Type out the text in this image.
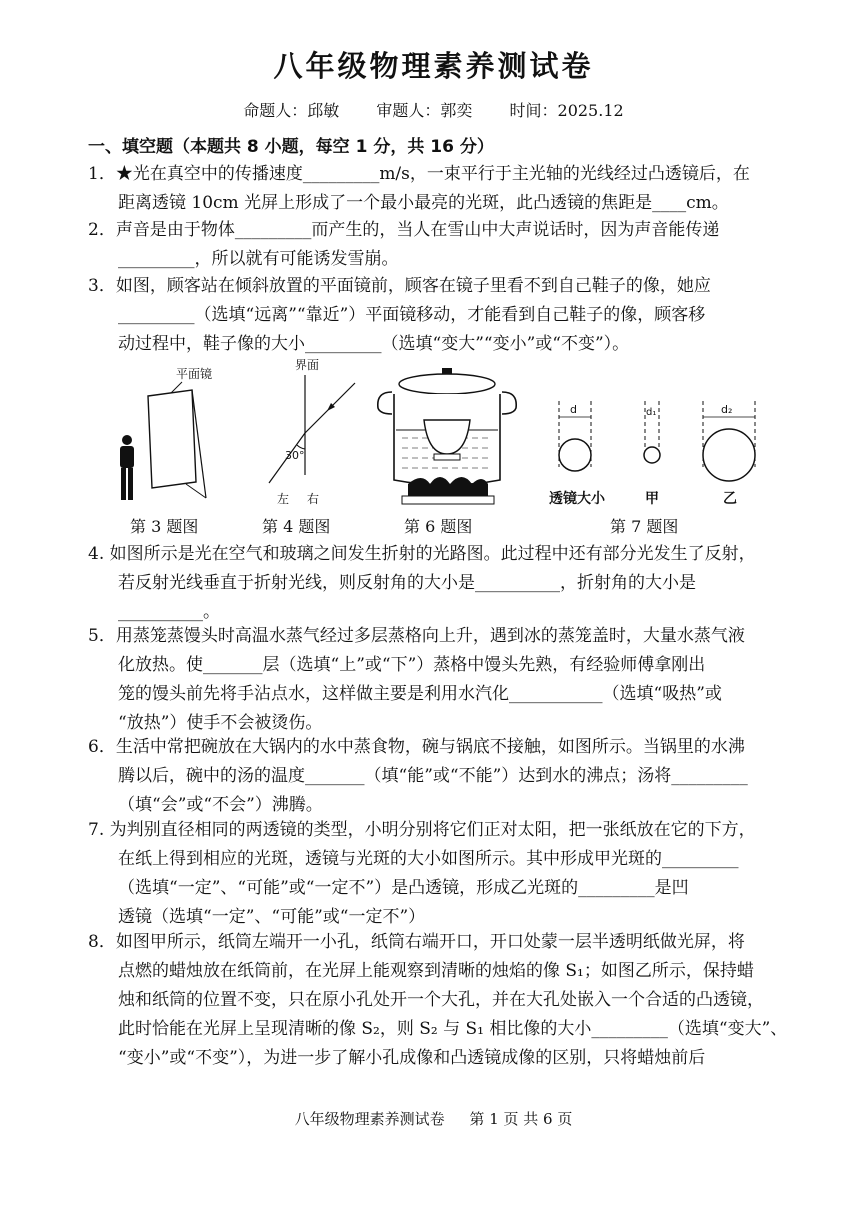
八年级物理素养测试卷
命题人：邱敏 审题人：郭奕 时间：2025.12
一、填空题（本题共 8 小题，每空 1 分，共 16 分）
1．★光在真空中的传播速度_________m/s，一束平行于主光轴的光线经过凸透镜后，在
距离透镜 10cm 光屏上形成了一个最小最亮的光斑，此凸透镜的焦距是____cm。
2．声音是由于物体_________而产生的，当人在雪山中大声说话时，因为声音能传递
_________，所以就有可能诱发雪崩。
3．如图，顾客站在倾斜放置的平面镜前，顾客在镜子里看不到自己鞋子的像，她应
_________（选填“远离”“靠近”）平面镜移动，才能看到自己鞋子的像，顾客移
动过程中，鞋子像的大小_________（选填“变大”“变小”或“不变”）。
平面镜
界面
30°
左 右
d	d₁	d₂
透镜大小	甲	乙
第 3 题图	第 4 题图	第 6 题图	第 7 题图
4. 如图所示是光在空气和玻璃之间发生折射的光路图。此过程中还有部分光发生了反射，
若反射光线垂直于折射光线，则反射角的大小是__________，折射角的大小是
__________。
5．用蒸笼蒸馒头时高温水蒸气经过多层蒸格向上升，遇到冰的蒸笼盖时，大量水蒸气液
化放热。使_______层（选填“上”或“下”）蒸格中馒头先熟，有经验师傅拿刚出
笼的馒头前先将手沾点水，这样做主要是利用水汽化___________（选填“吸热”或
“放热”）使手不会被烫伤。
6．生活中常把碗放在大锅内的水中蒸食物，碗与锅底不接触，如图所示。当锅里的水沸
腾以后，碗中的汤的温度_______（填“能”或“不能”）达到水的沸点；汤将_________
（填“会”或“不会”）沸腾。
7. 为判别直径相同的两透镜的类型，小明分别将它们正对太阳，把一张纸放在它的下方，
在纸上得到相应的光斑，透镜与光斑的大小如图所示。其中形成甲光斑的_________
（选填“一定”、“可能”或“一定不”）是凸透镜，形成乙光斑的_________是凹
透镜（选填“一定”、“可能”或“一定不”）
8．如图甲所示，纸筒左端开一小孔，纸筒右端开口，开口处蒙一层半透明纸做光屏，将
点燃的蜡烛放在纸筒前，在光屏上能观察到清晰的烛焰的像 S₁；如图乙所示，保持蜡
烛和纸筒的位置不变，只在原小孔处开一个大孔，并在大孔处嵌入一个合适的凸透镜，
此时恰能在光屏上呈现清晰的像 S₂，则 S₂ 与 S₁ 相比像的大小_________（选填“变大”、
“变小”或“不变”），为进一步了解小孔成像和凸透镜成像的区别，只将蜡烛前后
八年级物理素养测试卷 第 1 页 共 6 页
